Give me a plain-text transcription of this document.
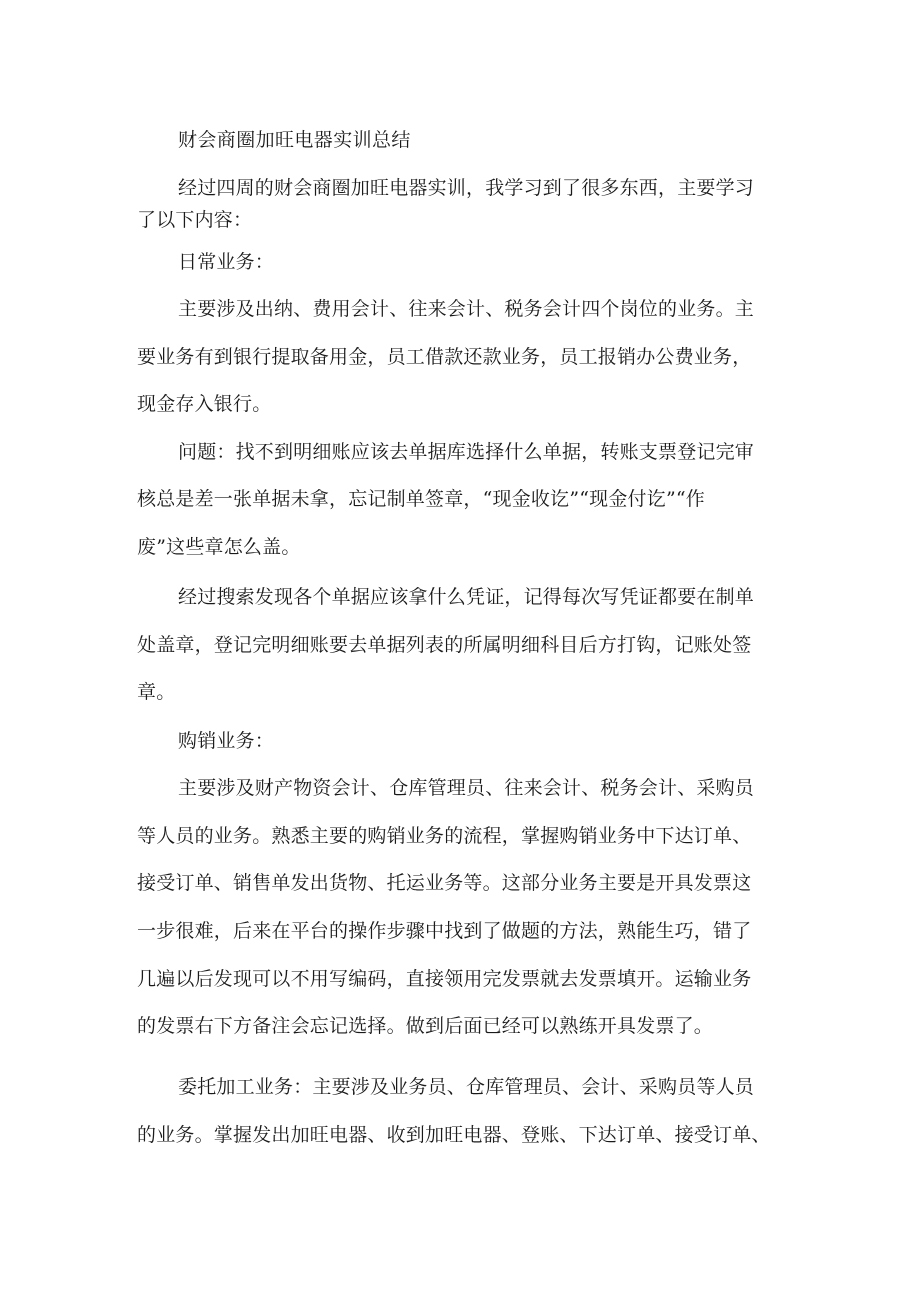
财会商圈加旺电器实训总结
经过四周的财会商圈加旺电器实训，我学习到了很多东西，主要学习
了以下内容：
日常业务：
主要涉及出纳、费用会计、往来会计、税务会计四个岗位的业务。主
要业务有到银行提取备用金，员工借款还款业务，员工报销办公费业务，
现金存入银行。
问题：找不到明细账应该去单据库选择什么单据，转账支票登记完审
核总是差一张单据未拿，忘记制单签章，“现金收讫”“现金付讫”“作
废”这些章怎么盖。
经过搜索发现各个单据应该拿什么凭证，记得每次写凭证都要在制单
处盖章，登记完明细账要去单据列表的所属明细科目后方打钩，记账处签
章。
购销业务：
主要涉及财产物资会计、仓库管理员、往来会计、税务会计、采购员
等人员的业务。熟悉主要的购销业务的流程，掌握购销业务中下达订单、
接受订单、销售单发出货物、托运业务等。这部分业务主要是开具发票这
一步很难，后来在平台的操作步骤中找到了做题的方法，熟能生巧，错了
几遍以后发现可以不用写编码，直接领用完发票就去发票填开。运输业务
的发票右下方备注会忘记选择。做到后面已经可以熟练开具发票了。
委托加工业务：主要涉及业务员、仓库管理员、会计、采购员等人员
的业务。掌握发出加旺电器、收到加旺电器、登账、下达订单、接受订单、
